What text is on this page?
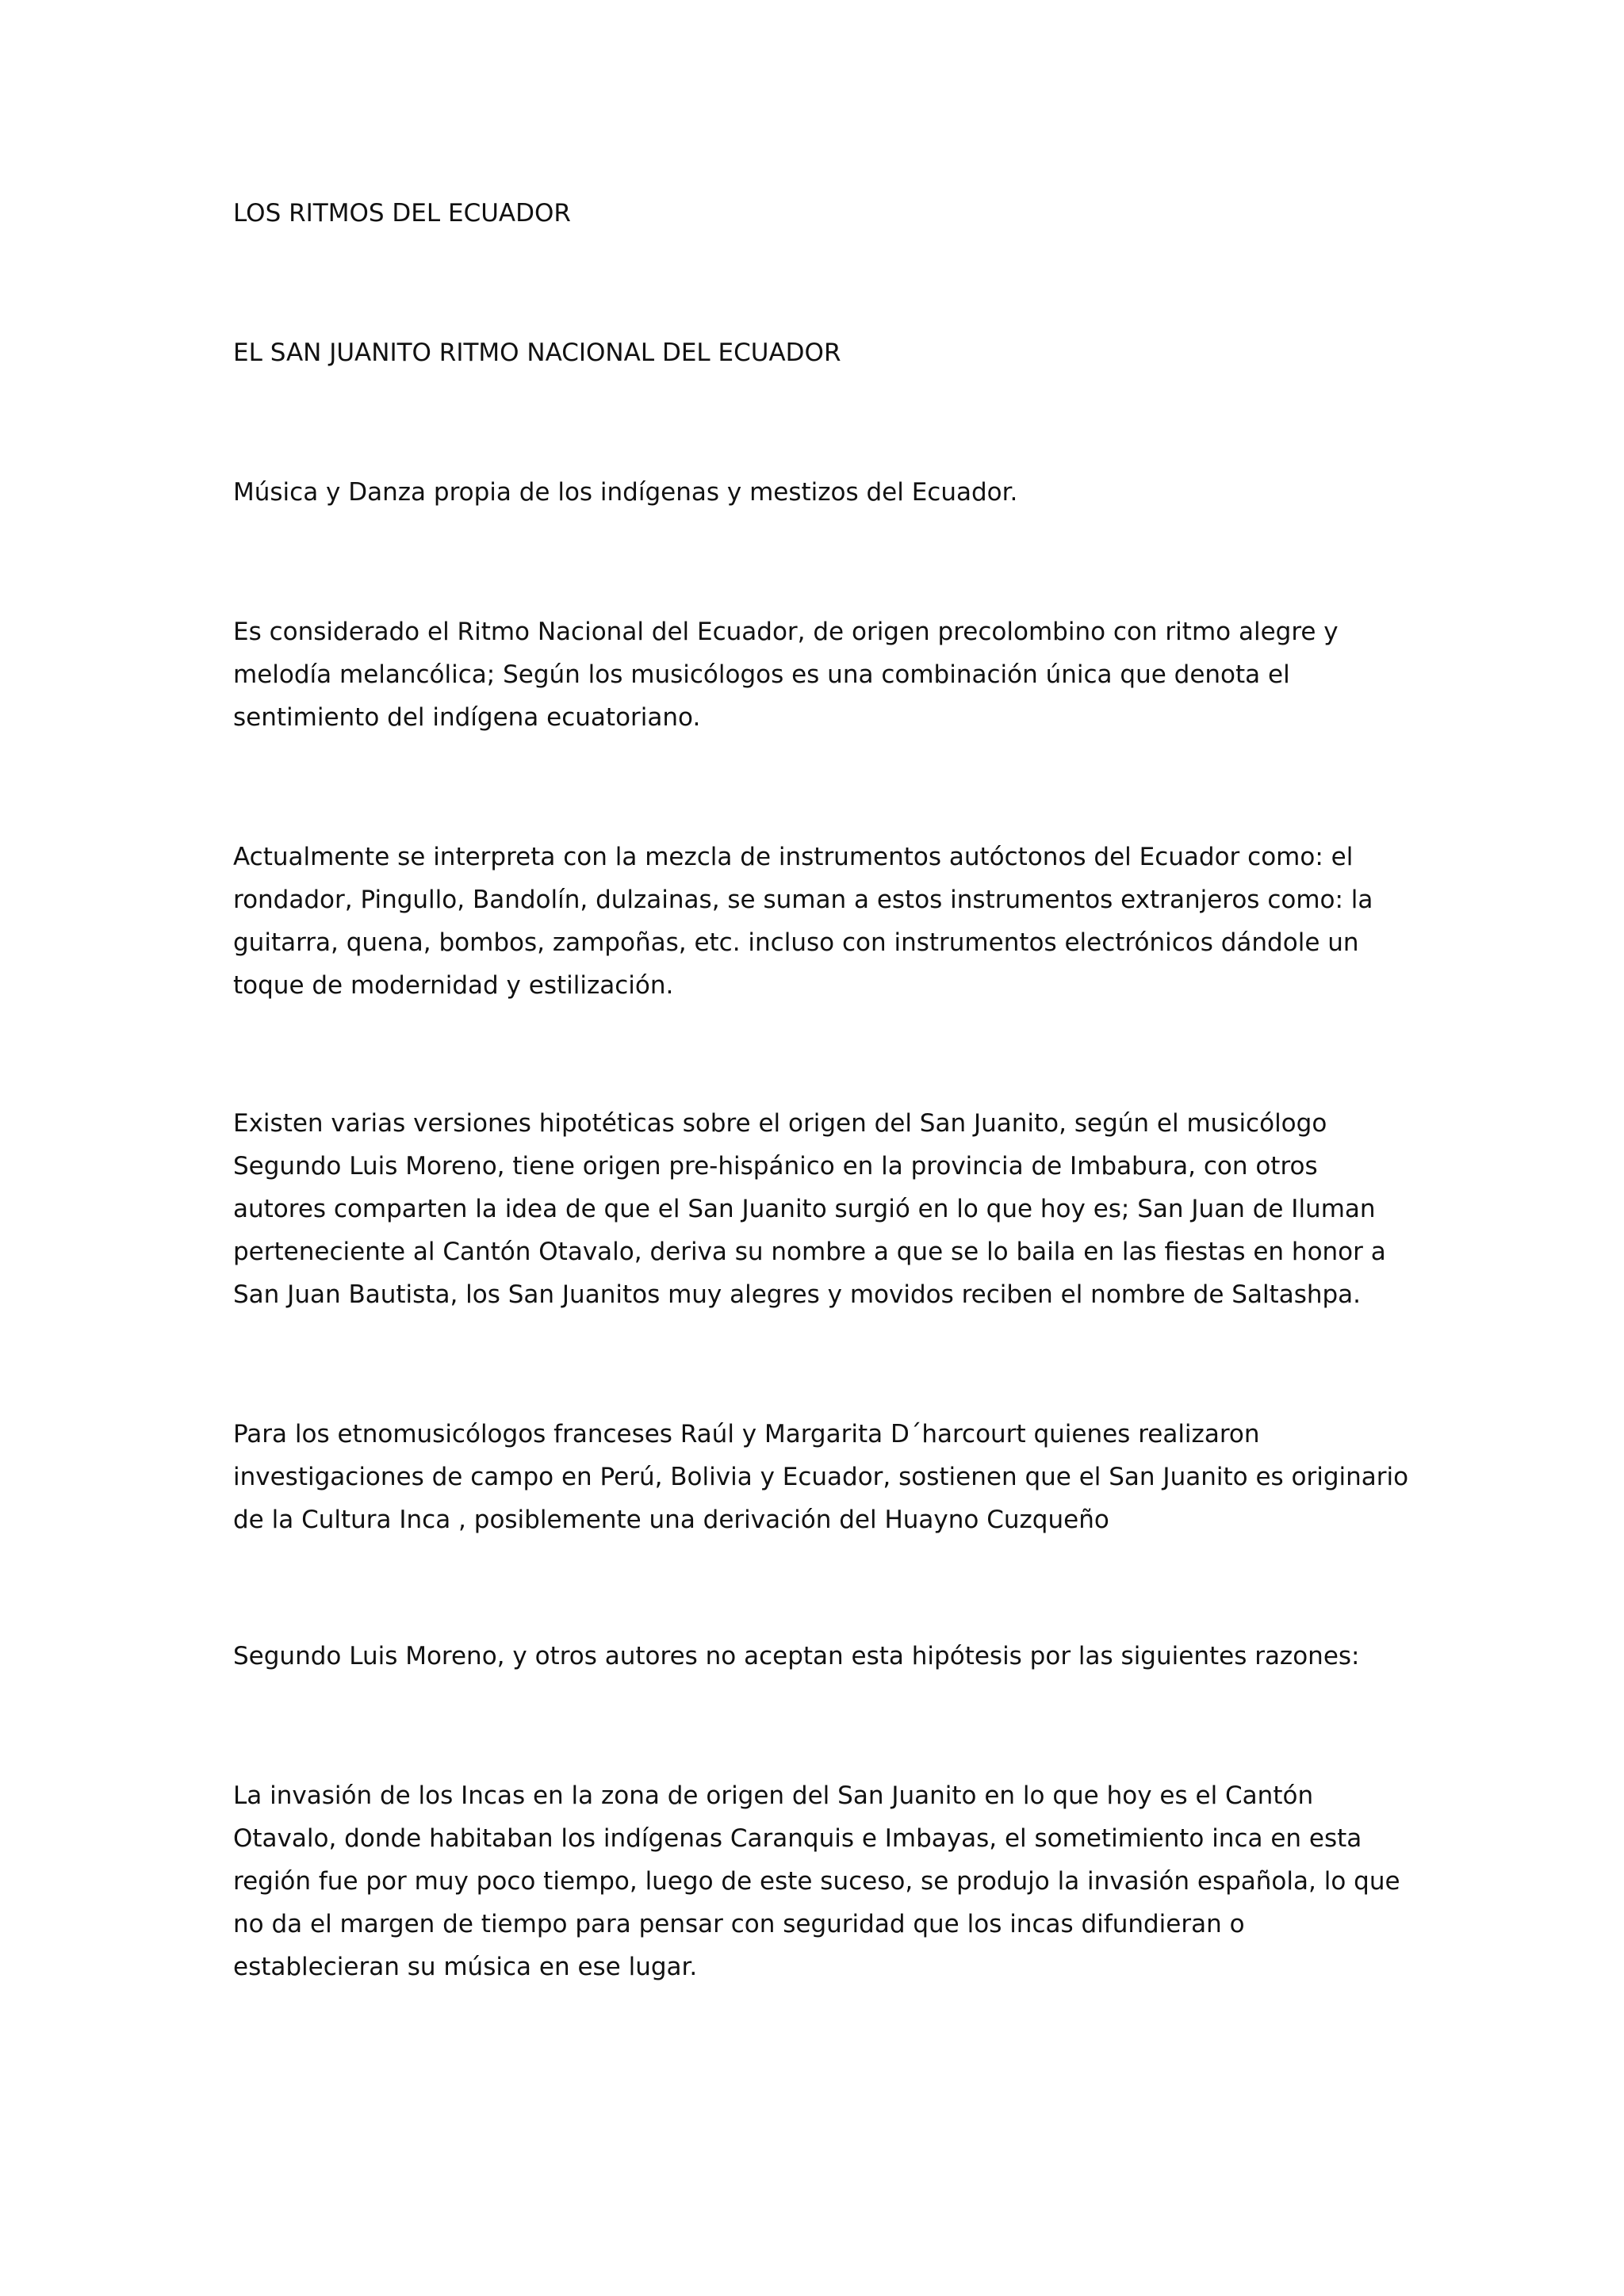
LOS RITMOS DEL ECUADOR

EL SAN JUANITO RITMO NACIONAL DEL ECUADOR

Música y Danza propia de los indígenas y mestizos del Ecuador.

Es considerado el Ritmo Nacional del Ecuador, de origen precolombino con ritmo alegre y
melodía melancólica; Según los musicólogos es una combinación única que denota el
sentimiento del indígena ecuatoriano.

Actualmente se interpreta con la mezcla de instrumentos autóctonos del Ecuador como: el
rondador, Pingullo, Bandolín, dulzainas, se suman a estos instrumentos extranjeros como: la
guitarra, quena, bombos, zampoñas, etc. incluso con instrumentos electrónicos dándole un
toque de modernidad y estilización.

Existen varias versiones hipotéticas sobre el origen del San Juanito, según el musicólogo
Segundo Luis Moreno, tiene origen pre-hispánico en la provincia de Imbabura, con otros
autores comparten la idea de que el San Juanito surgió en lo que hoy es; San Juan de Iluman
perteneciente al Cantón Otavalo, deriva su nombre a que se lo baila en las fiestas en honor a
San Juan Bautista, los San Juanitos muy alegres y movidos reciben el nombre de Saltashpa.

Para los etnomusicólogos franceses Raúl y Margarita D´harcourt quienes realizaron
investigaciones de campo en Perú, Bolivia y Ecuador, sostienen que el San Juanito es originario
de la Cultura Inca , posiblemente una derivación del Huayno Cuzqueño

Segundo Luis Moreno, y otros autores no aceptan esta hipótesis por las siguientes razones:

La invasión de los Incas en la zona de origen del San Juanito en lo que hoy es el Cantón
Otavalo, donde habitaban los indígenas Caranquis e Imbayas, el sometimiento inca en esta
región fue por muy poco tiempo, luego de este suceso, se produjo la invasión española, lo que
no da el margen de tiempo para pensar con seguridad que los incas difundieran o
establecieran su música en ese lugar.
